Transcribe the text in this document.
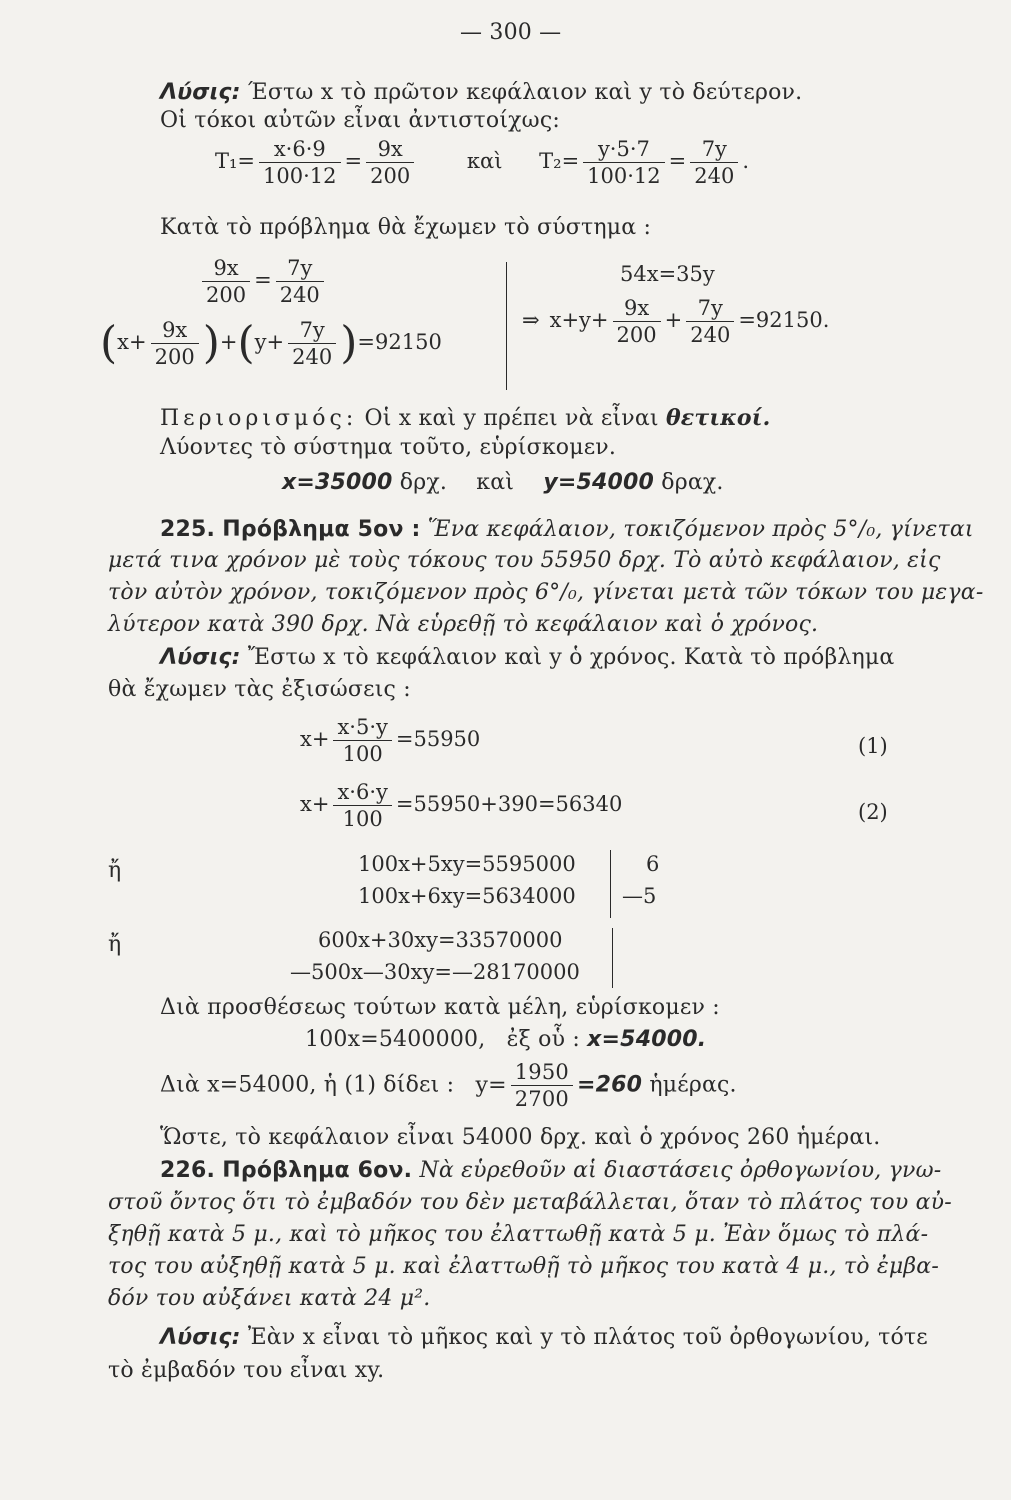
— 300 —
Λύσις: Έστω x τὸ πρῶτον κεφάλαιον καὶ y τὸ δεύτερον.
Οἱ τόκοι αὐτῶν εἶναι ἀντιστοίχως:
$T_1= \frac{x\cdot 6\cdot 9}{100\cdot 12} = \frac{9x}{200}$	καὶ $T_2= \frac{y\cdot 5\cdot 7}{100\cdot 12} = \frac{7y}{240}$ .
Κατὰ τὸ πρόβλημα θὰ ἔχωμεν τὸ σύστημα :
$\frac{9x}{200} = \frac{7y}{240}$
$(x+ \frac{9x}{200} )+(y+ \frac{7y}{240} )=92150$
54x=35y
⇒ $x+y+ \frac{9x}{200} + \frac{7y}{240} =92150$.
Περιορισμός: Οἱ x καὶ y πρέπει νὰ εἶναι θετικοί.
Λύοντες τὸ σύστημα τοῦτο, εὑρίσκομεν.
x=35000 δρχ. καὶ y=54000 δραχ.
225. Πρόβλημα 5ον : Ἕνα κεφάλαιον, τοκιζόμενον πρὸς 5°/₀, γίνεται
μετά τινα χρόνον μὲ τοὺς τόκους του 55950 δρχ. Τὸ αὐτὸ κεφάλαιον, εἰς
τὸν αὐτὸν χρόνον, τοκιζόμενον πρὸς 6°/₀, γίνεται μετὰ τῶν τόκων του μεγα-
λύτερον κατὰ 390 δρχ. Νὰ εὑρεθῇ τὸ κεφάλαιον καὶ ὁ χρόνος.
Λύσις: Ἔστω x τὸ κεφάλαιον καὶ y ὁ χρόνος. Κατὰ τὸ πρόβλημα
θὰ ἔχωμεν τὰς ἐξισώσεις :
$x+ \frac{x\cdot 5\cdot y}{100} =55950$	(1)
$x+ \frac{x\cdot 6\cdot y}{100} =55950+390=56340$	(2)
ἤ	100x+5xy=5595000	6
100x+6xy=5634000 —5
ἤ	600x+30xy=33570000
—500x—30xy=—28170000
Διὰ προσθέσεως τούτων κατὰ μέλη, εὑρίσκομεν :
100x=5400000, ἐξ οὗ : x=54000.
Διὰ x=54000, ἡ (1) δίδει : $y= \frac{1950}{2700} =260$ ἡμέρας.
Ὥστε, τὸ κεφάλαιον εἶναι 54000 δρχ. καὶ ὁ χρόνος 260 ἡμέραι.
226. Πρόβλημα 6ον. Νὰ εὑρεθοῦν αἱ διαστάσεις ὀρθογωνίου, γνω-
στοῦ ὄντος ὅτι τὸ ἐμβαδόν του δὲν μεταβάλλεται, ὅταν τὸ πλάτος του αὐ-
ξηθῇ κατὰ 5 μ., καὶ τὸ μῆκος του ἐλαττωθῇ κατὰ 5 μ. Ἐὰν ὅμως τὸ πλά-
τος του αὐξηθῇ κατὰ 5 μ. καὶ ἐλαττωθῇ τὸ μῆκος του κατὰ 4 μ., τὸ ἐμβα-
δόν του αὐξάνει κατὰ 24 μ².
Λύσις: Ἐὰν x εἶναι τὸ μῆκος καὶ y τὸ πλάτος τοῦ ὀρθογωνίου, τότε
τὸ ἐμβαδόν του εἶναι xy.
